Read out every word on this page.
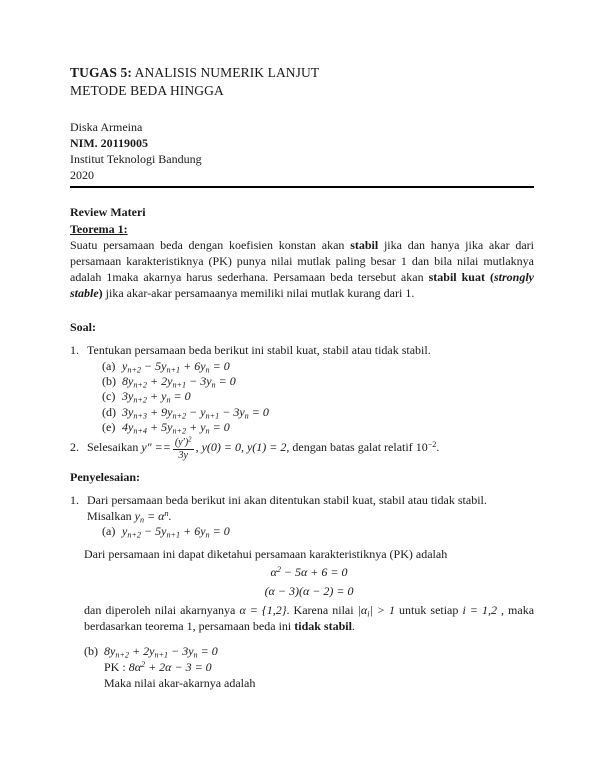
TUGAS 5: ANALISIS NUMERIK LANJUT
METODE BEDA HINGGA
Diska Armeina
NIM. 20119005
Institut Teknologi Bandung
2020
Review Materi
Teorema 1:

Suatu persamaan beda dengan koefisien konstan akan stabil jika dan hanya jika akar dari persamaan karakteristiknya (PK) punya nilai mutlak paling besar 1 dan bila nilai mutlaknya adalah 1maka akarnya harus sederhana. Persamaan beda tersebut akan stabil kuat (strongly stable) jika akar-akar persamaanya memiliki nilai mutlak kurang dari 1.

Soal:
1. Tentukan persamaan beda berikut ini stabil kuat, stabil atau tidak stabil.
(a) $y_{n+2} - 5y_{n+1} + 6y_n = 0$
(b) $8y_{n+2} + 2y_{n+1} - 3y_n = 0$
(c) $3y_{n+2} + y_n = 0$
(d) $3y_{n+3} + 9y_{n+2} - y_{n+1} - 3y_n = 0$
(e) $4y_{n+4} + 5y_{n+2} + y_n = 0$
2. Selesaikan $y'' == \frac{(y')^2}{3y}$ , y(0) = 0, y(1) = 2, dengan batas galat relatif $10^{-2}$.
Penyelesaian:
1. Dari persamaan beda berikut ini akan ditentukan stabil kuat, stabil atau tidak stabil.
Misalkan $y_n = \alpha^n$.
(a) $y_{n+2} - 5y_{n+1} + 6y_n = 0$
Dari persamaan ini dapat diketahui persamaan karakteristiknya (PK) adalah
$\alpha^2 - 5\alpha + 6 = 0$
(α − 3)(α − 2) = 0

dan diperoleh nilai akarnyanya α = {1,2}. Karena nilai $|\alpha_i| > 1$ untuk setiap i = 1,2 , maka berdasarkan teorema 1, persamaan beda ini tidak stabil.

(b) $8y_{n+2} + 2y_{n+1} - 3y_n = 0$
PK : $8\alpha^2 + 2\alpha - 3 = 0$
Maka nilai akar-akarnya adalah
